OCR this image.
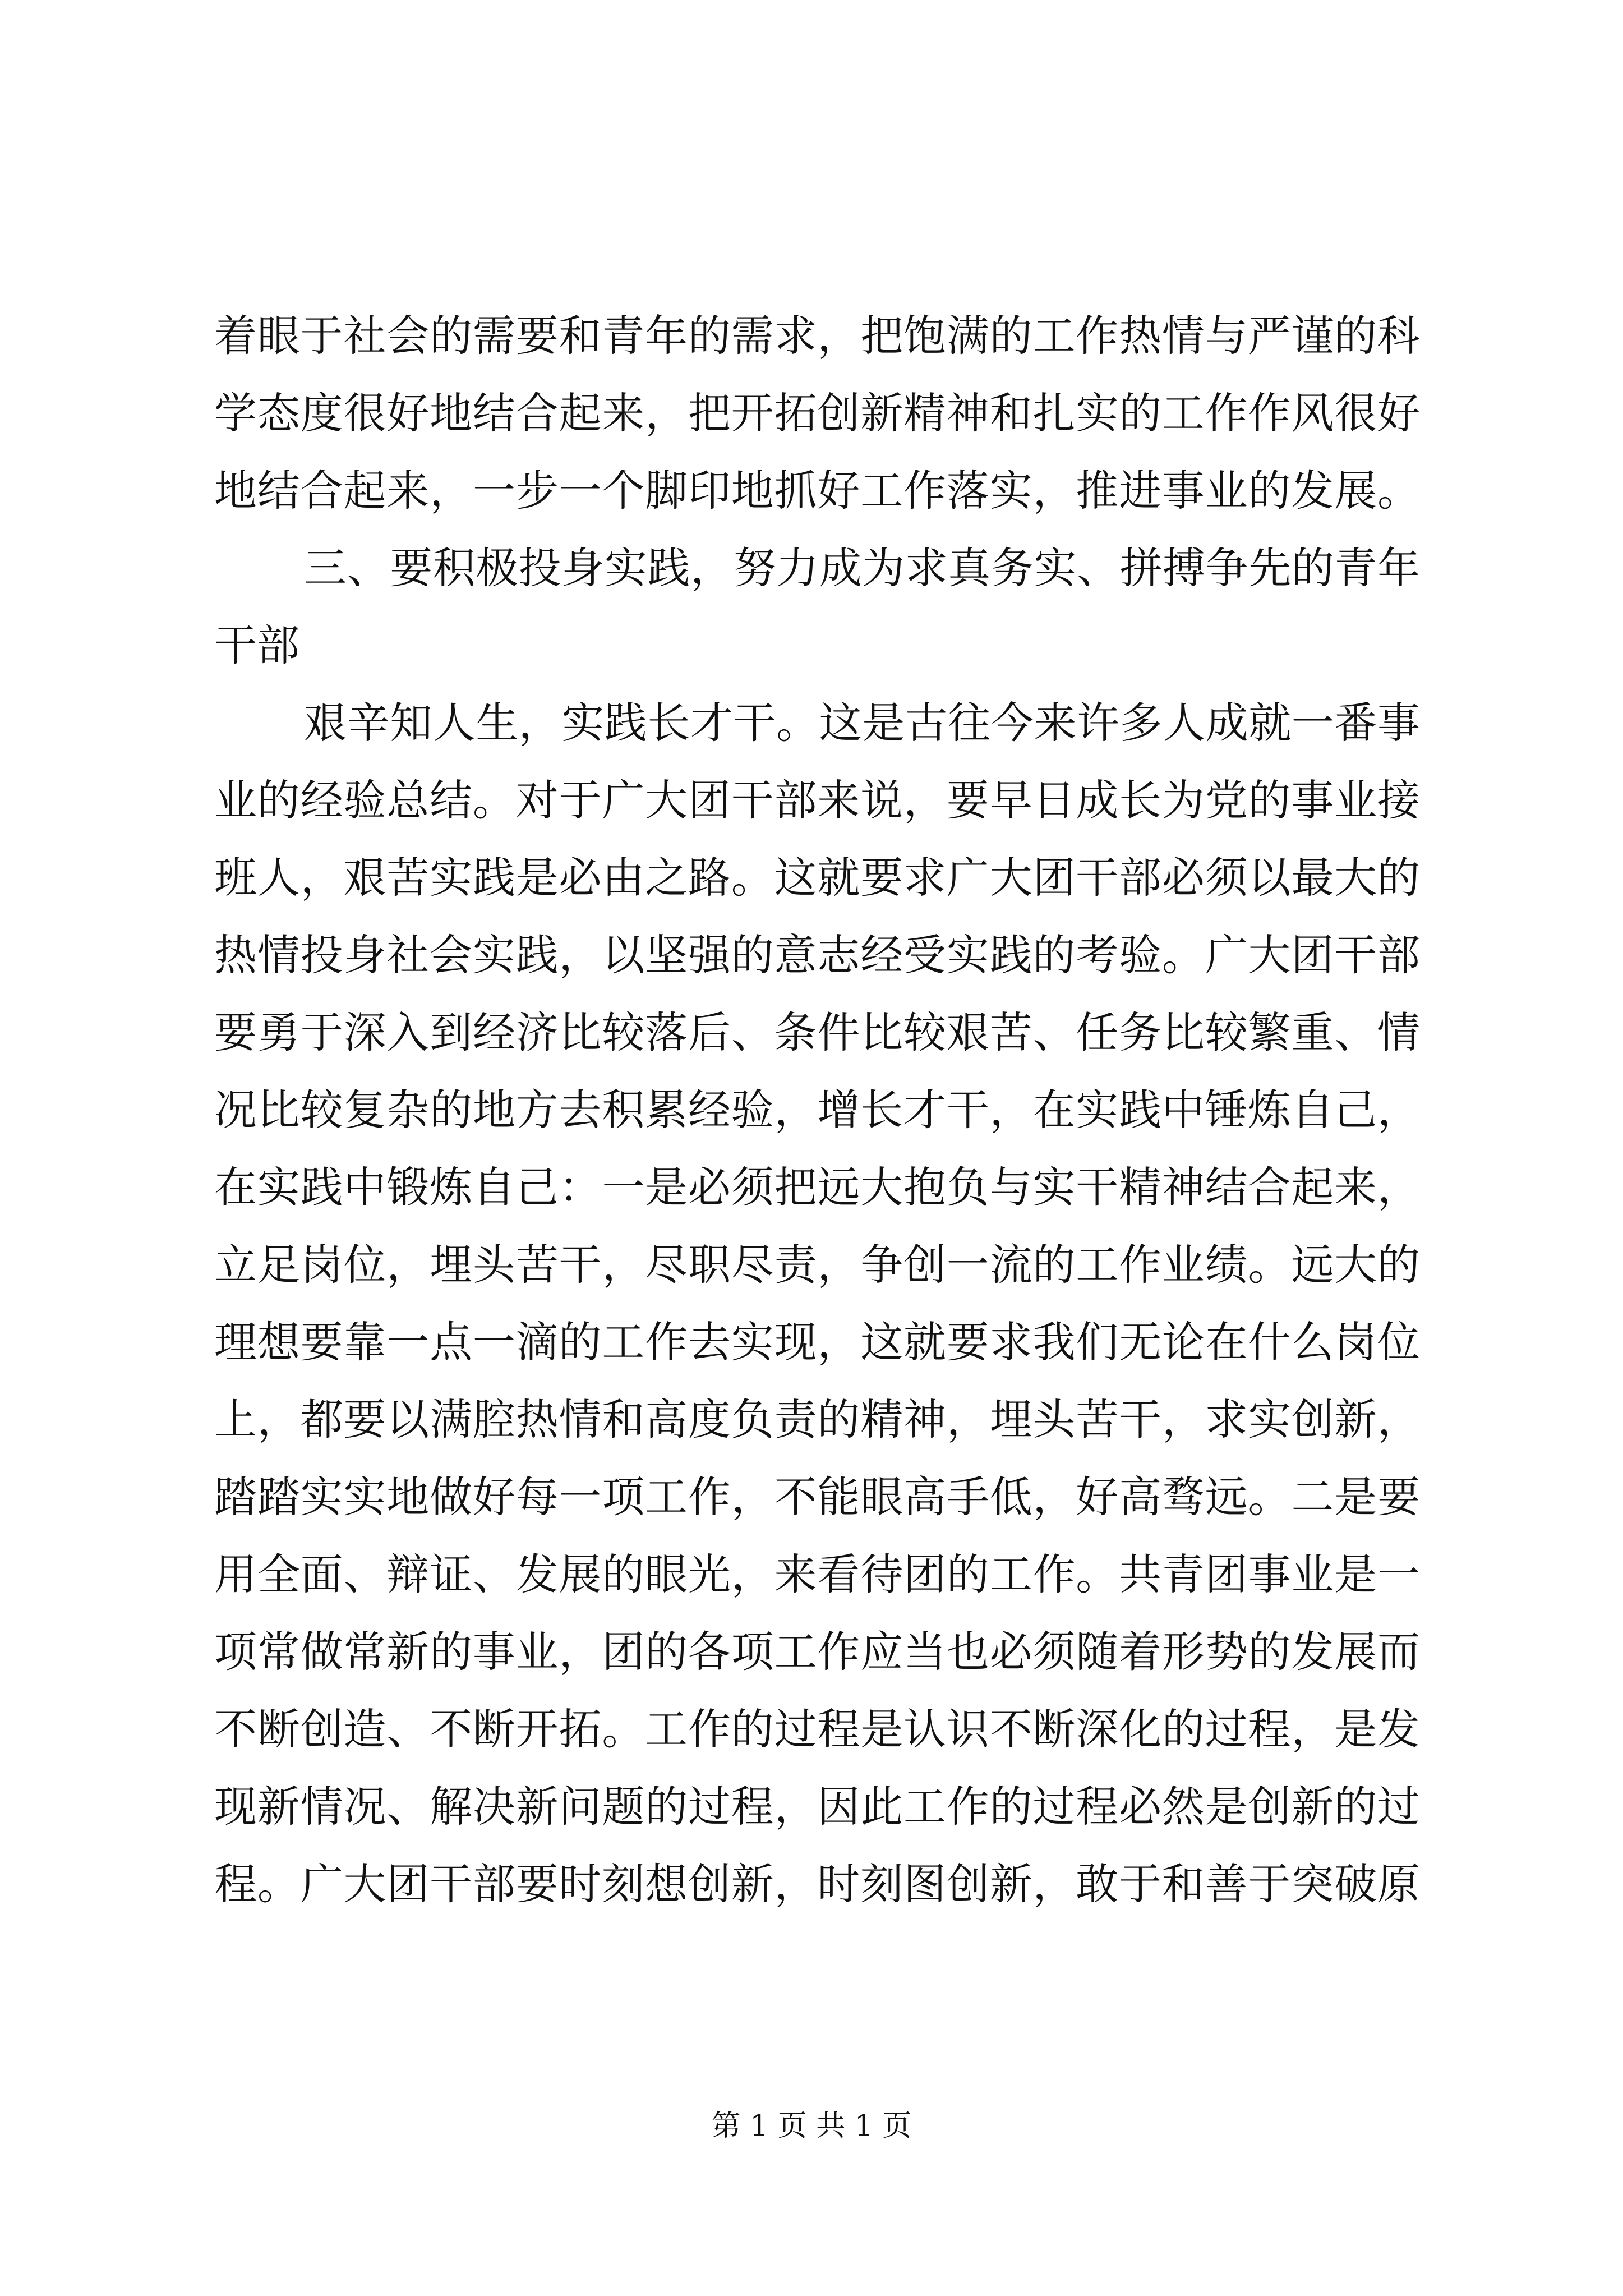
着眼于社会的需要和青年的需求，把饱满的工作热情与严谨的科
学态度很好地结合起来，把开拓创新精神和扎实的工作作风很好
地结合起来，一步一个脚印地抓好工作落实，推进事业的发展。
三、要积极投身实践，努力成为求真务实、拼搏争先的青年
干部
艰辛知人生，实践长才干。这是古往今来许多人成就一番事
业的经验总结。对于广大团干部来说，要早日成长为党的事业接
班人，艰苦实践是必由之路。这就要求广大团干部必须以最大的
热情投身社会实践，以坚强的意志经受实践的考验。广大团干部
要勇于深入到经济比较落后、条件比较艰苦、任务比较繁重、情
况比较复杂的地方去积累经验，增长才干，在实践中锤炼自己，
在实践中锻炼自己：一是必须把远大抱负与实干精神结合起来，
立足岗位，埋头苦干，尽职尽责，争创一流的工作业绩。远大的
理想要靠一点一滴的工作去实现，这就要求我们无论在什么岗位
上，都要以满腔热情和高度负责的精神，埋头苦干，求实创新，
踏踏实实地做好每一项工作，不能眼高手低，好高骛远。二是要
用全面、辩证、发展的眼光，来看待团的工作。共青团事业是一
项常做常新的事业，团的各项工作应当也必须随着形势的发展而
不断创造、不断开拓。工作的过程是认识不断深化的过程，是发
现新情况、解决新问题的过程，因此工作的过程必然是创新的过
程。广大团干部要时刻想创新，时刻图创新，敢于和善于突破原
第 1 页 共 1 页
